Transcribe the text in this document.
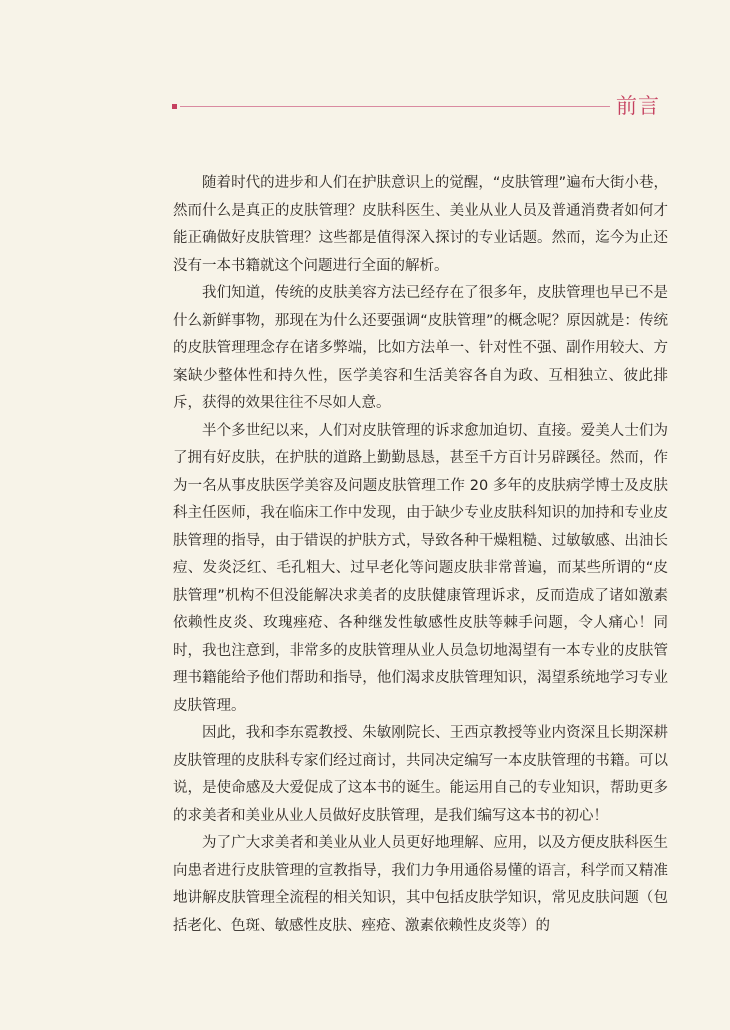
前言

随着时代的进步和人们在护肤意识上的觉醒，“皮肤管理”遍布大街小巷，然而什么是真正的皮肤管理？皮肤科医生、美业从业人员及普通消费者如何才能正确做好皮肤管理？这些都是值得深入探讨的专业话题。然而，迄今为止还没有一本书籍就这个问题进行全面的解析。

我们知道，传统的皮肤美容方法已经存在了很多年，皮肤管理也早已不是什么新鲜事物，那现在为什么还要强调“皮肤管理”的概念呢？原因就是：传统的皮肤管理理念存在诸多弊端，比如方法单一、针对性不强、副作用较大、方案缺少整体性和持久性，医学美容和生活美容各自为政、互相独立、彼此排斥，获得的效果往往不尽如人意。

半个多世纪以来，人们对皮肤管理的诉求愈加迫切、直接。爱美人士们为了拥有好皮肤，在护肤的道路上勤勤恳恳，甚至千方百计另辟蹊径。然而，作为一名从事皮肤医学美容及问题皮肤管理工作 20 多年的皮肤病学博士及皮肤科主任医师，我在临床工作中发现，由于缺少专业皮肤科知识的加持和专业皮肤管理的指导，由于错误的护肤方式，导致各种干燥粗糙、过敏敏感、出油长痘、发炎泛红、毛孔粗大、过早老化等问题皮肤非常普遍，而某些所谓的“皮肤管理”机构不但没能解决求美者的皮肤健康管理诉求，反而造成了诸如激素依赖性皮炎、玫瑰痤疮、各种继发性敏感性皮肤等棘手问题，令人痛心！同时，我也注意到，非常多的皮肤管理从业人员急切地渴望有一本专业的皮肤管理书籍能给予他们帮助和指导，他们渴求皮肤管理知识，渴望系统地学习专业皮肤管理。

因此，我和李东霓教授、朱敏刚院长、王西京教授等业内资深且长期深耕皮肤管理的皮肤科专家们经过商讨，共同决定编写一本皮肤管理的书籍。可以说，是使命感及大爱促成了这本书的诞生。能运用自己的专业知识，帮助更多的求美者和美业从业人员做好皮肤管理，是我们编写这本书的初心！

为了广大求美者和美业从业人员更好地理解、应用，以及方便皮肤科医生向患者进行皮肤管理的宣教指导，我们力争用通俗易懂的语言，科学而又精准地讲解皮肤管理全流程的相关知识，其中包括皮肤学知识，常见皮肤问题（包括老化、色斑、敏感性皮肤、痤疮、激素依赖性皮炎等）的
